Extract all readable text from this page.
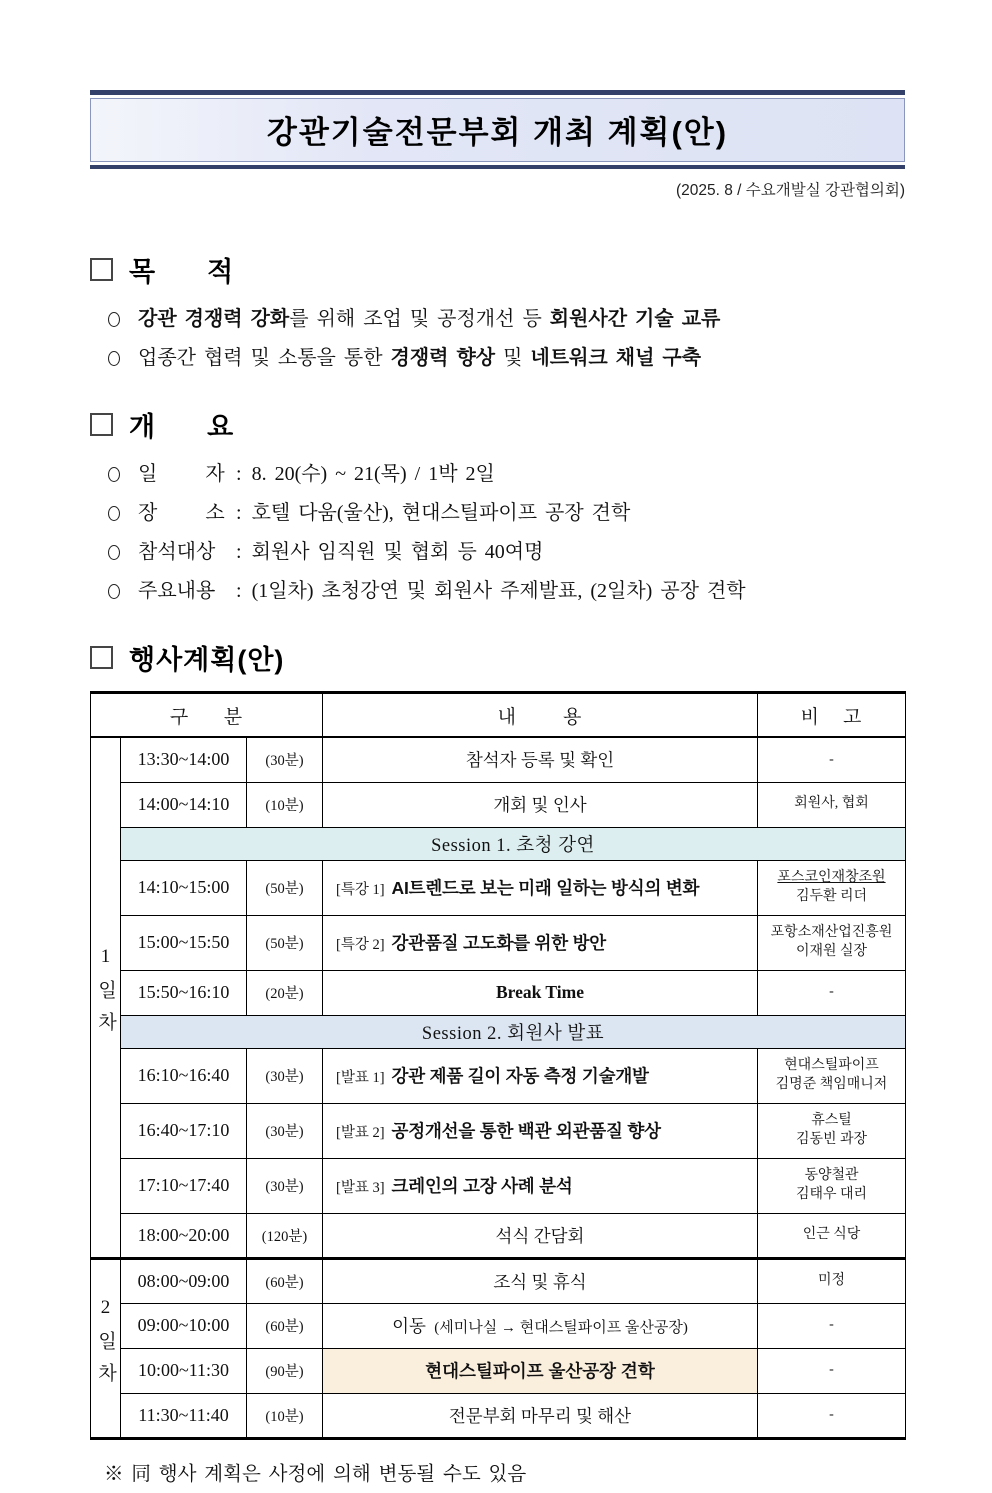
강관기술전문부회 개최 계획(안)
(2025. 8 / 수요개발실 강관협의회)
목      적
강관 경쟁력 강화를 위해 조업 및 공정개선 등 회원사간 기술 교류
업종간 협력 및 소통을 통한 경쟁력 향상 및 네트워크 채널 구축
개      요
일      자 : 8. 20(수) ~ 21(목) / 1박 2일
장      소 : 호텔 다움(울산), 현대스틸파이프 공장 견학
참석대상	: 회원사 임직원 및 협회 등 40여명
주요내용	: (1일차) 초청강연 및 회원사 주제발표, (2일차) 공장 견학
행사계획(안)
구      분			내        용	비    고
1일차	13:30~14:00	(30분)	참석자 등록 및 확인	-
	14:00~14:10	(10분)	개회 및 인사	회원사, 협회
	Session 1. 초청 강연			
	14:10~15:00	(50분)	[특강 1] AI트렌드로 보는 미래 일하는 방식의 변화	포스코인재창조원
김두환 리더

	15:00~15:50	(50분)	[특강 2] 강관품질 고도화를 위한 방안	포항소재산업진흥원
이재원 실장

	15:50~16:10	(20분)	Break Time	-
	Session 2. 회원사 발표			
	16:10~16:40	(30분)	[발표 1] 강관 제품 길이 자동 측정 기술개발	현대스틸파이프
김명준 책임매니저

	16:40~17:10	(30분)	[발표 2] 공정개선을 통한 백관 외관품질 향상	휴스틸
김동빈 과장

	17:10~17:40	(30분)	[발표 3] 크레인의 고장 사례 분석	동양철관
김태우 대리

	18:00~20:00	(120분)	석식 간담회	인근 식당
2일차	08:00~09:00	(60분)	조식 및 휴식	미정
	09:00~10:00	(60분)	이동 (세미나실 → 현대스틸파이프 울산공장)	-
	10:00~11:30	(90분)	현대스틸파이프 울산공장 견학	-
	11:30~11:40	(10분)	전문부회 마무리 및 해산	-
※ 同 행사 계획은 사정에 의해 변동될 수도 있음
